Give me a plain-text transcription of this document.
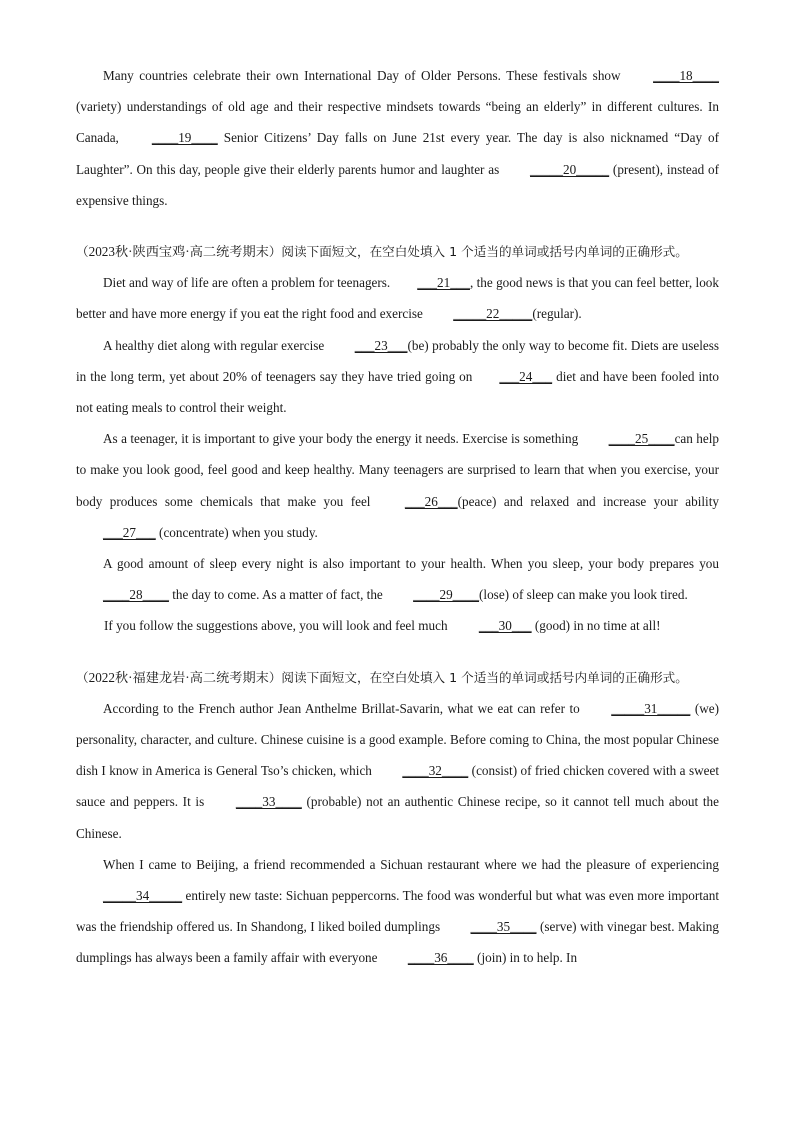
Many countries celebrate their own International Day of Older Persons. These festivals show ____18____ (variety) understandings of old age and their respective mindsets towards “being an elderly” in different cultures. In Canada, ____19____ Senior Citizens’ Day falls on June 21st every year. The day is also nicknamed “Day of Laughter”. On this day, people give their elderly parents humor and laughter as _____20_____ (present), instead of expensive things.

（2023秋·陕西宝鸡·高二统考期末）阅读下面短文，在空白处填入 1 个适当的单词或括号内单词的正确形式。

Diet and way of life are often a problem for teenagers. ___21___, the good news is that you can feel better, look better and have more energy if you eat the right food and exercise _____22_____(regular).

A healthy diet along with regular exercise ___23___(be) probably the only way to become fit. Diets are useless in the long term, yet about 20% of teenagers say they have tried going on ___24___ diet and have been fooled into not eating meals to control their weight.

As a teenager, it is important to give your body the energy it needs. Exercise is something ____25____can help to make you look good, feel good and keep healthy. Many teenagers are surprised to learn that when you exercise, your body produces some chemicals that make you feel ___26___(peace) and relaxed and increase your ability ___27___ (concentrate) when you study.

A good amount of sleep every night is also important to your health. When you sleep, your body prepares you ____28____ the day to come. As a matter of fact, the ____29____(lose) of sleep can make you look tired.

If you follow the suggestions above, you will look and feel much ___30___ (good) in no time at all!

（2022秋·福建龙岩·高二统考期末）阅读下面短文，在空白处填入 1 个适当的单词或括号内单词的正确形式。

According to the French author Jean Anthelme Brillat-Savarin, what we eat can refer to _____31_____ (we) personality, character, and culture. Chinese cuisine is a good example. Before coming to China, the most popular Chinese dish I know in America is General Tso’s chicken, which ____32____ (consist) of fried chicken covered with a sweet sauce and peppers. It is ____33____ (probable) not an authentic Chinese recipe, so it cannot tell much about the Chinese.

When I came to Beijing, a friend recommended a Sichuan restaurant where we had the pleasure of experiencing _____34_____ entirely new taste: Sichuan peppercorns. The food was wonderful but what was even more important was the friendship offered us. In Shandong, I liked boiled dumplings ____35____ (serve) with vinegar best. Making dumplings has always been a family affair with everyone ____36____ (join) in to help. In
